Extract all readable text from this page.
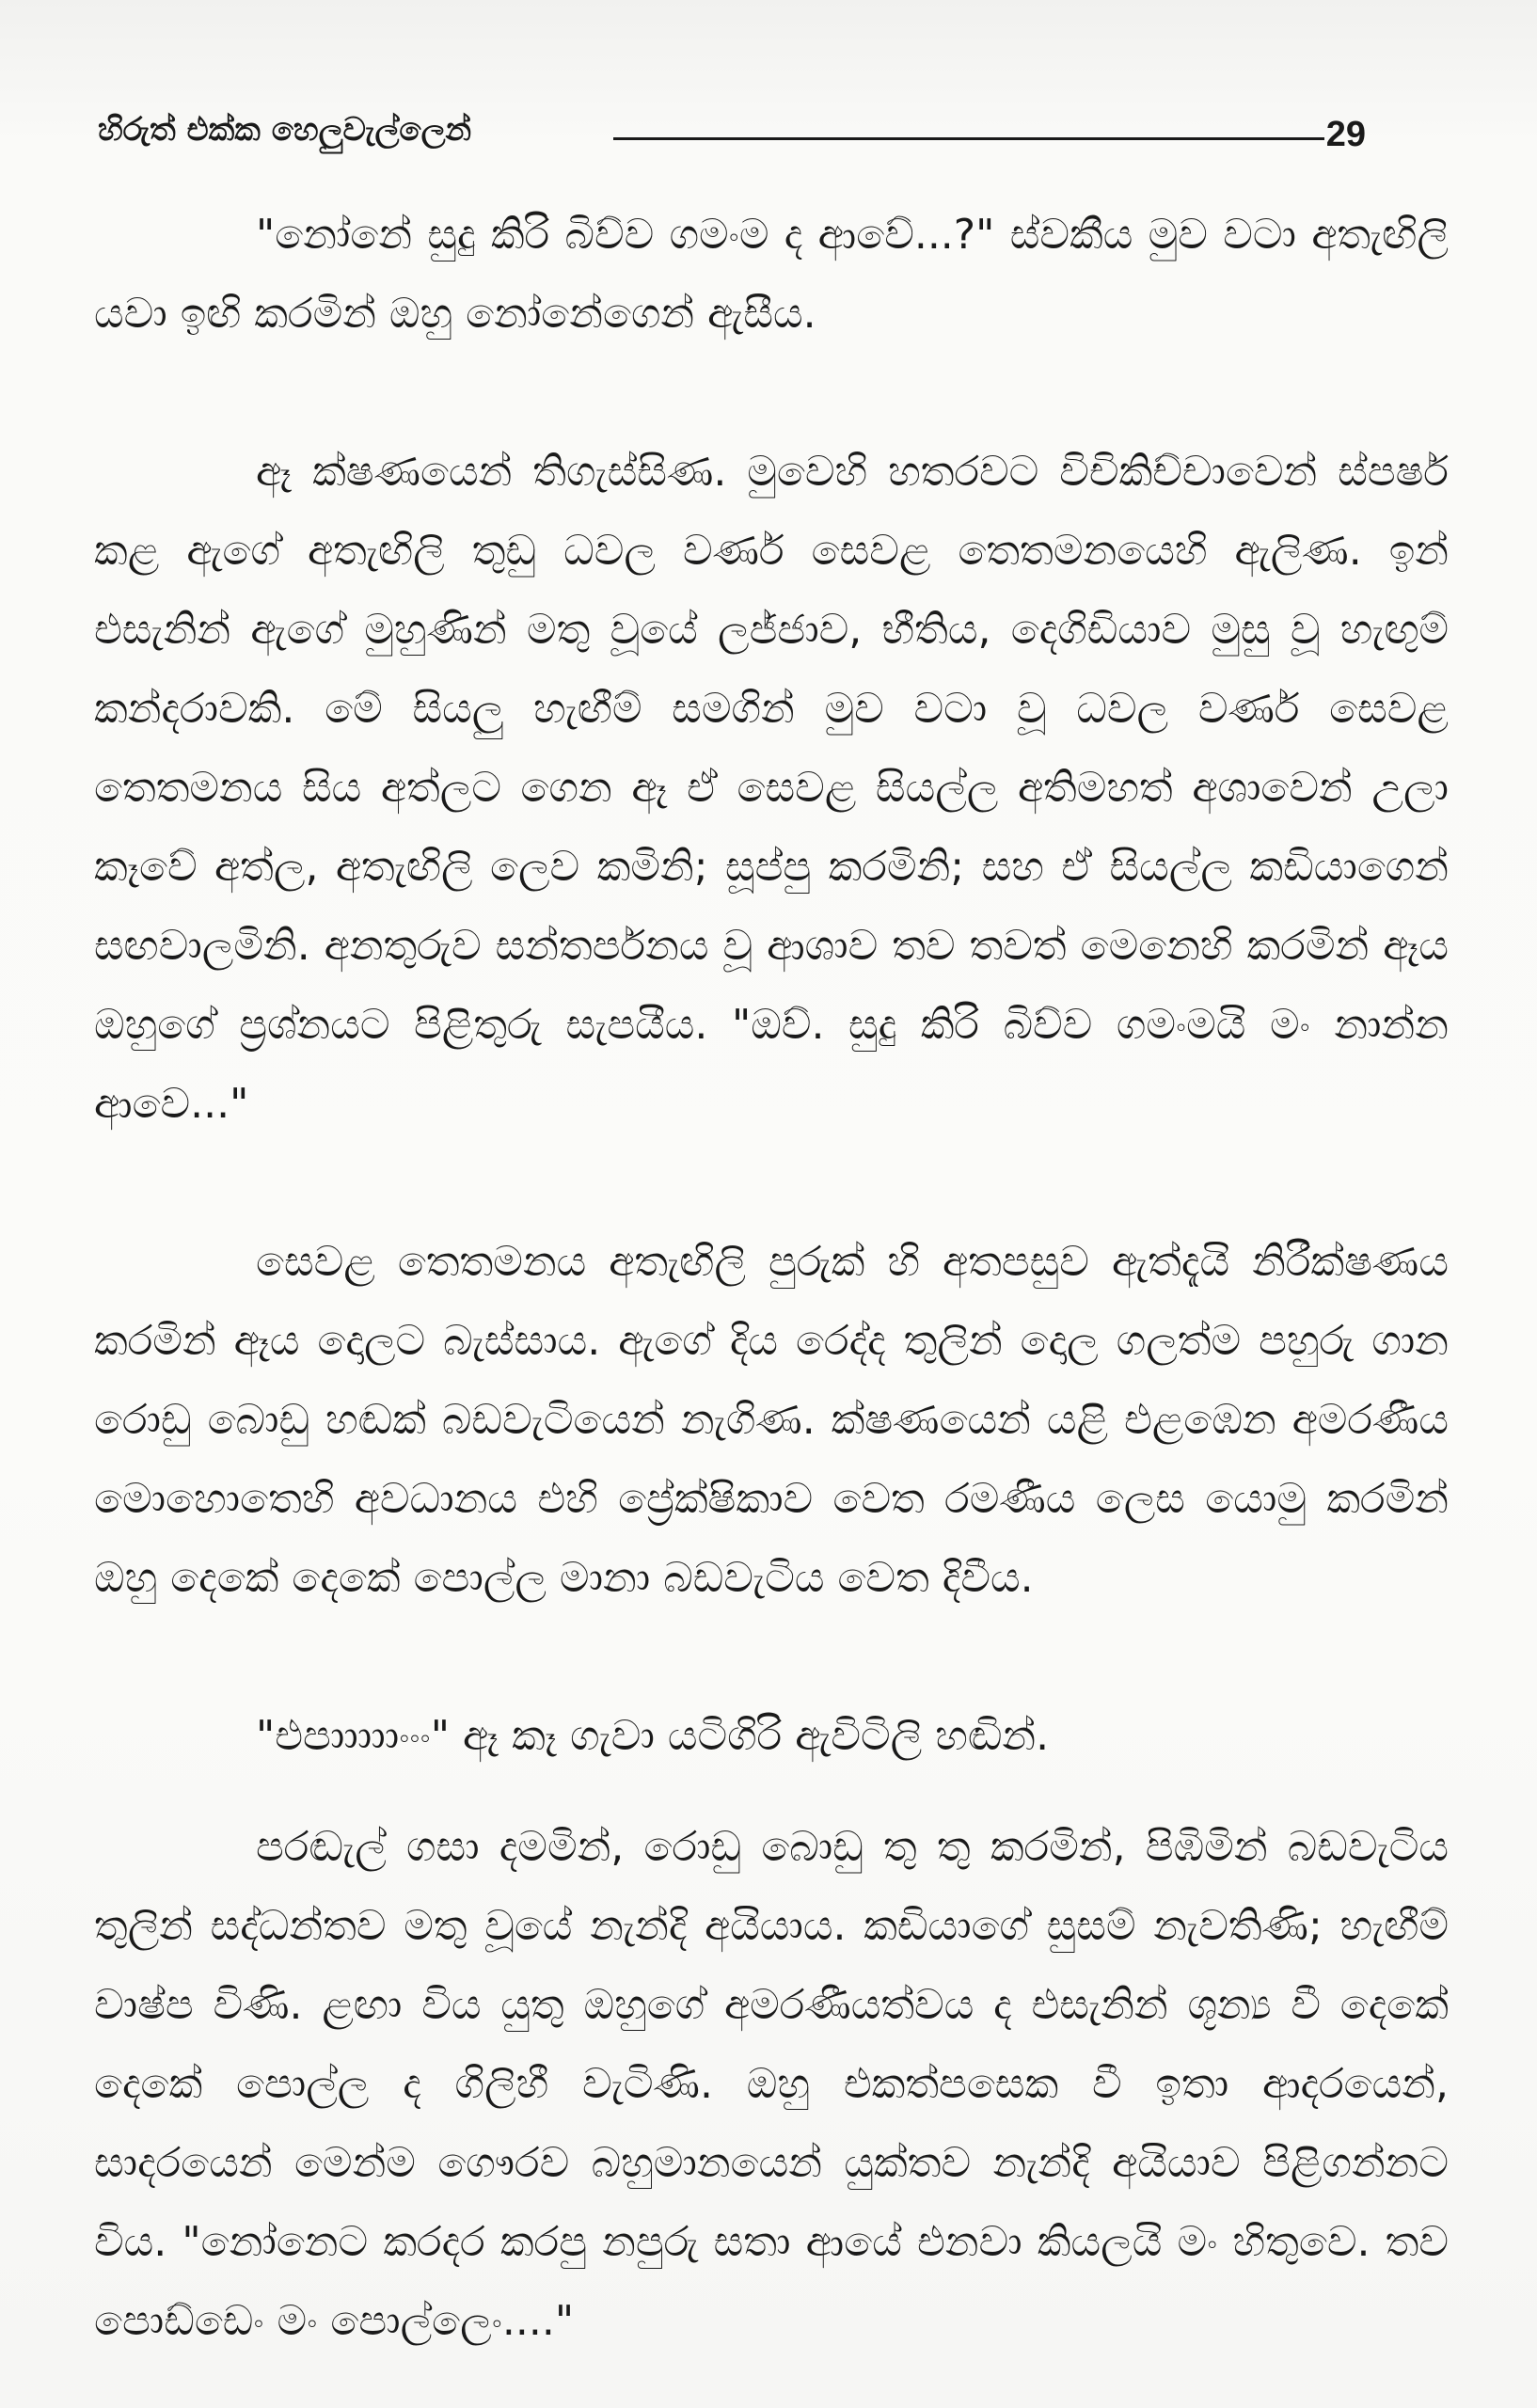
හිරුත් එක්ක හෙලුවැල්ලෙන්	29

"නෝනේ සුදු කිරි බිව්ව ගමංම ද ආවේ...?" ස්වකීය මුව වටා අතැඟිලි යවා ඉඟි කරමින් ඔහු නෝනේගෙන් ඇසීය.

ඈ ක්ෂණයෙන් තිගැස්සිණ. මුවෙහි හතරවට විචිකිච්චාවෙන් ස්පර්ෂ කළ ඇගේ අතැඟිලි තුඩු ධවල වර්ණ සෙවළ තෙතමනයෙහි ඇලිණ. ඉන් එසැනින් ඇගේ මුහුණින් මතු වූයේ ලජ්ජාව, භීතිය, දෙගිඩියාව මුසු වූ හැඟුම් කන්දරාවකි. මේ සියලු හැඟීම් සමගින් මුව වටා වූ ධවල වර්ණ සෙවළ තෙතමනය සිය අත්ලට ගෙන ඈ ඒ සෙවළ සියල්ල අතිමහත් අශාවෙන් උලා කෑවේ අත්ල, අතැඟිලි ලෙව කමිනි; සූප්පු කරමිනි; සහ ඒ සියල්ල කඩියාගෙන් සඟවාලමිනි. අනතුරුව සන්තර්පනය වූ ආශාව තව තවත් මෙනෙහි කරමින් ඈය ඔහුගේ ප්‍රශ්නයට පිළිතුරු සැපයීය. "ඔව්. සුදු කිරි බිව්ව ගමංමයි මං නාන්න ආවෙ..."

සෙවළ තෙතමනය අතැඟිලි පුරුක් හි අතපසුව ඇත්දැයි නිරීක්ෂණය කරමින් ඈය දොලට බැස්සාය. ඇගේ දිය රෙද්ද තුලින් දොල ගලත්ම පහුරු ගාන රොඩු බොඩු හඬක් බඩවැටියෙන් නැගිණ. ක්ෂණයෙන් යළි එළඹෙන අමරණීය මොහොතෙහි අවධානය එහි ප්‍රේක්ෂිකාව වෙත රමණීය ලෙස යොමු කරමින් ඔහු දෙකේ දෙකේ පොල්ල මානා බඩවැටිය වෙත දිවීය.

"එපාාාාාංංං" ඈ කෑ ගැවා යටිගිරි ඇවිටිලි හඬින්.

පරඬැල් ගසා දමමින්, රොඩු බොඩු තු තු කරමින්, පිඹිමින් බඩවැටිය තුලින් සද්ධන්තව මතු වූයේ නැන්දි අයියාය. කඩියාගේ සුසම් නැවතිණි; හැඟීම් වාෂ්ප විණි. ළඟා විය යුතු ඔහුගේ අමරණීයත්වය ද එසැනින් ශූන්‍ය වී දෙකේ දෙකේ පොල්ල ද ගිලිහී වැටිණි. ඔහු එකත්පසෙක වී ඉතා ආදරයෙන්, සාදරයෙන් මෙන්ම ගෞරව බහුමානයෙන් යුක්තව නැන්දි අයියාව පිළිගන්නට විය. "නෝනෙට කරදර කරපු නපුරු සතා ආයේ එනවා කියලයි මං හිතුවෙ. තව පොඩ්ඩෙං මං පොල්ලෙං...."
